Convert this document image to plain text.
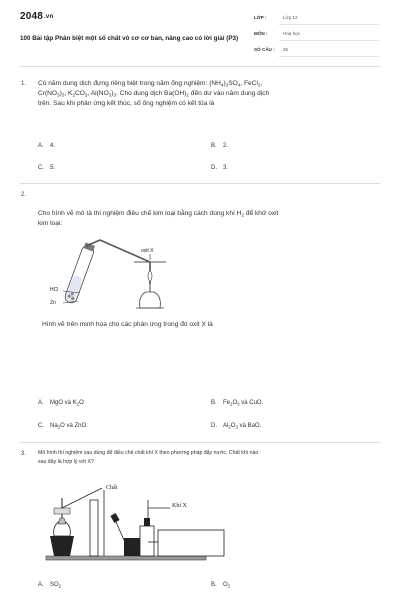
2048.vn
100 Bài tập Phân biệt một số chất vô cơ cơ bản, nâng cao có lời giải (P3)
LỚP :	Lớp 12
MÔN :	Hóa học
SỐ CÂU : 25
1. Có năm dung dịch đựng riêng biệt trong năm ống nghiệm: $(NH_4)_2SO_4$, FeCl$_2$,
$Cr(NO_3)_3$, $K_2CO_3$, $Al(NO_3)_3$. Cho dung dịch $Ba(OH)_2$ đến dư vào năm dung dịch
trên. Sau khi phản ứng kết thúc, số ống nghiệm có kết tủa là
A. 4.	B. 2.
C. 5.	D. 3.
2.
Cho hình vẽ mô tả thí nghiệm điều chế kim loại bằng cách dùng khí $H_2$ để khử oxit
kim loại:
oxit X
HCl
Zn
Hình vẽ trên minh họa cho các phản ứng trong đó oxit X là
A. MgO và $K_2O$	B. $Fe_2O_3$ và CuO.
C. $Na_2O$ và ZnO.	D. $Al_2O_3$ và BaO.
3. Mô hình thí nghiệm sau dùng để điều chế chất khí X theo phương pháp đẩy nước. Chất khí nào
sau đây là hợp lý với X?
Chất
Khí X
A. $SO_2$	B. $O_2$
